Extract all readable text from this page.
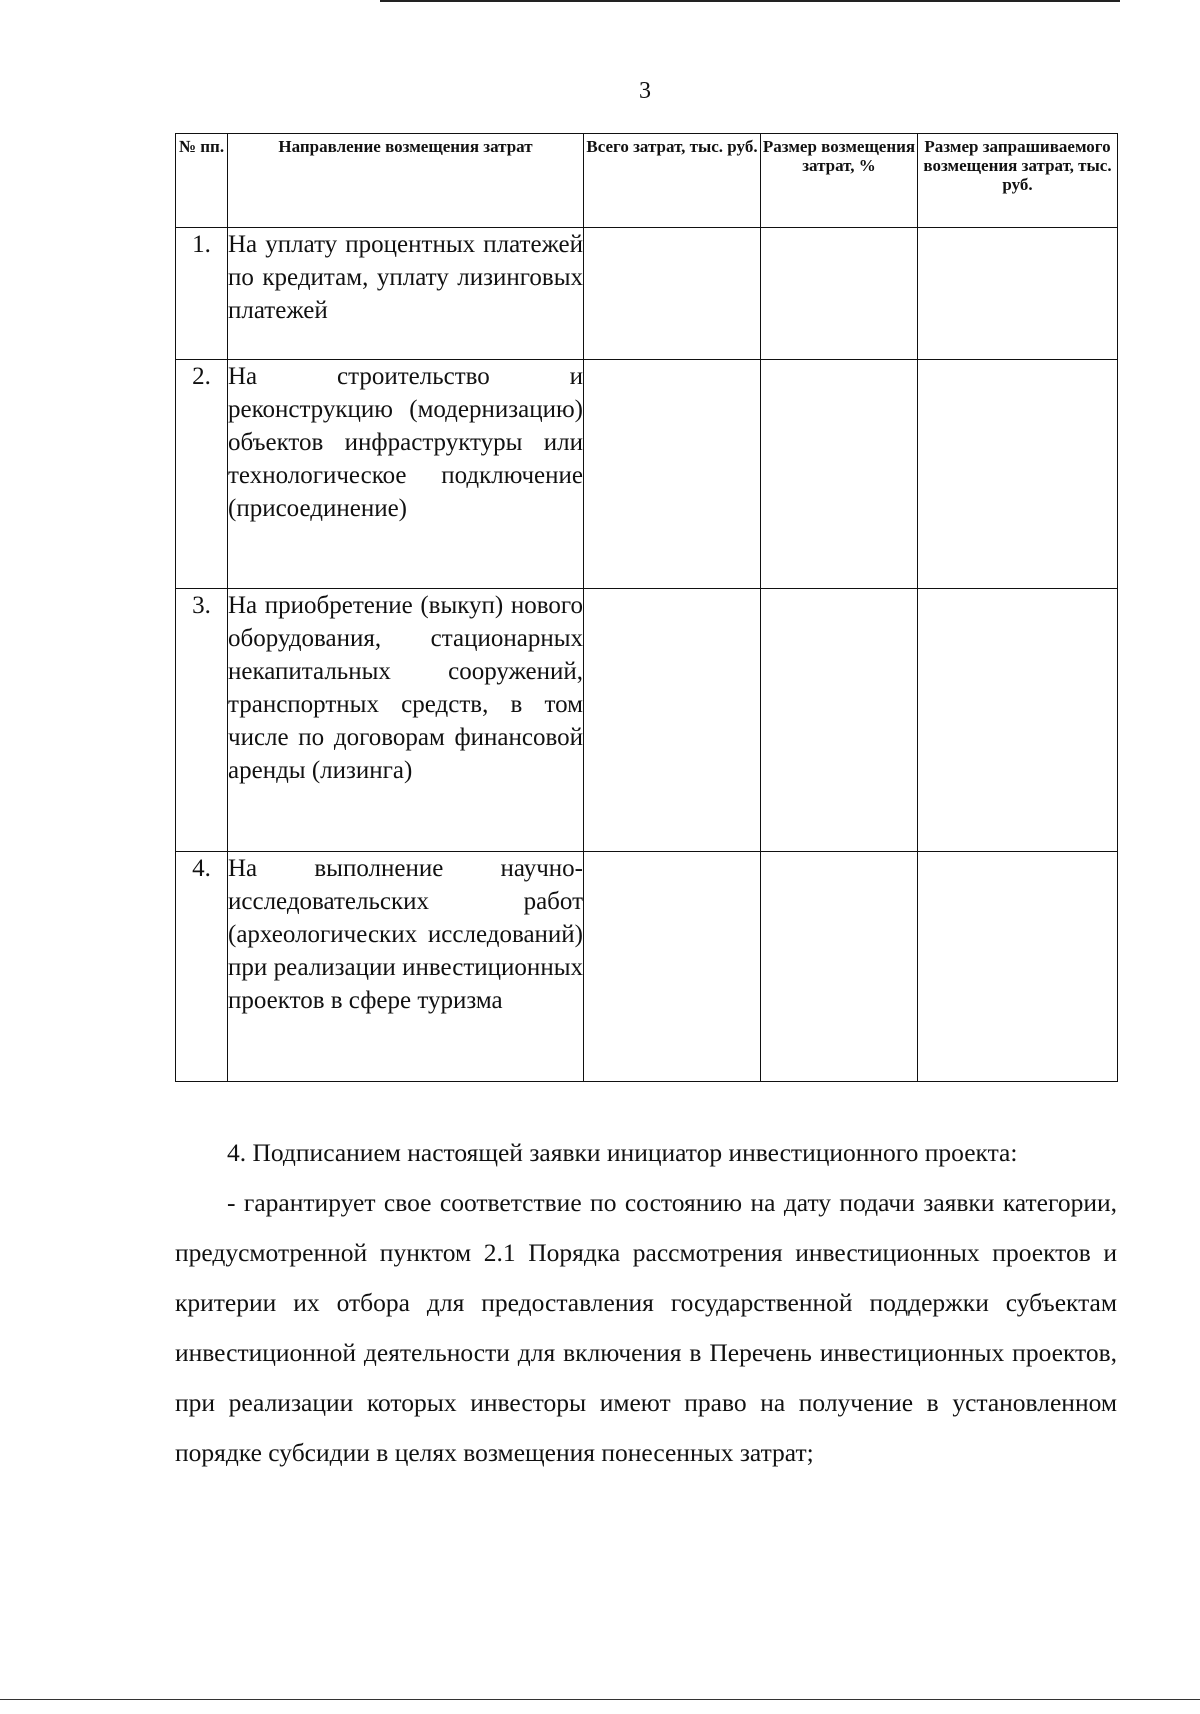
3
№ пп.	Направление возмещения затрат	Всего затрат, тыс. руб.	Размер возмещения затрат, %	Размер запрашиваемого возмещения затрат, тыс. руб.
1.	На уплату процентных платежей по кредитам, уплату лизинговых платежей			
2.	На строительство и реконструкцию (модернизацию) объектов инфраструктуры или технологическое подключение (присоединение)			
3.	На приобретение (выкуп) нового оборудования, стационарных некапитальных сооружений, транспортных средств, в том числе по договорам финансовой аренды (лизинга)			
4.	На выполнение научно-исследовательских работ (археологических исследований) при реализации инвестиционных проектов в сфере туризма			

4. Подписанием настоящей заявки инициатор инвестиционного проекта:

- гарантирует свое соответствие по состоянию на дату подачи заявки категории, предусмотренной пунктом 2.1 Порядка рассмотрения инвестиционных проектов и критерии их отбора для предоставления государственной поддержки субъектам инвестиционной деятельности для включения в Перечень инвестиционных проектов, при реализации которых инвесторы имеют право на получение в установленном порядке субсидии в целях возмещения понесенных затрат;
